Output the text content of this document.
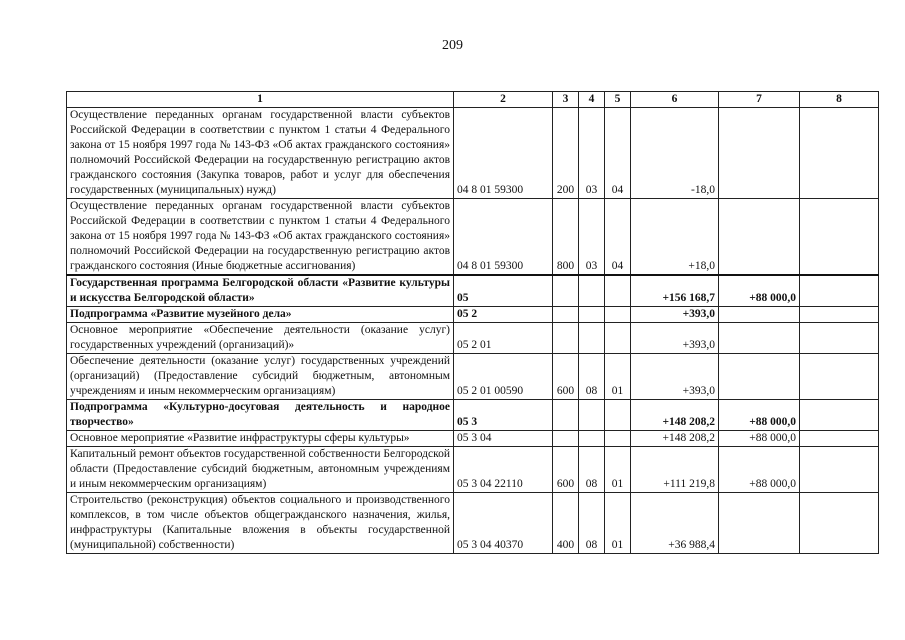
209
1	2	3	4	5	6	7	8
Осуществление переданных органам государственной власти субъектов Российской Федерации в соответствии с пунктом 1 статьи 4 Федерального закона от 15 ноября 1997 года № 143-ФЗ «Об актах гражданского состояния» полномочий Российской Федерации на государственную регистрацию актов гражданского состояния (Закупка товаров, работ и услуг для обеспечения государственных (муниципальных) нужд)	04 8 01 59300	200	03	04	-18,0		
Осуществление переданных органам государственной власти субъектов Российской Федерации в соответствии с пунктом 1 статьи 4 Федерального закона от 15 ноября 1997 года № 143-ФЗ «Об актах гражданского состояния» полномочий Российской Федерации на государственную регистрацию актов гражданского состояния (Иные бюджетные ассигнования)	04 8 01 59300	800	03	04	+18,0		
Государственная программа Белгородской области «Развитие культуры и искусства Белгородской области»	05				+156 168,7	+88 000,0	
Подпрограмма «Развитие музейного дела»	05 2				+393,0		
Основное мероприятие «Обеспечение деятельности (оказание услуг) государственных учреждений (организаций)»	05 2 01				+393,0		
Обеспечение деятельности (оказание услуг) государственных учреждений (организаций) (Предоставление субсидий бюджетным, автономным учреждениям и иным некоммерческим организациям)	05 2 01 00590	600	08	01	+393,0		
Подпрограмма «Культурно-досуговая деятельность и народное творчество»	05 3				+148 208,2	+88 000,0	
Основное мероприятие «Развитие инфраструктуры сферы культуры»	05 3 04				+148 208,2	+88 000,0	
Капитальный ремонт объектов государственной собственности Белгородской области (Предоставление субсидий бюджетным, автономным учреждениям и иным некоммерческим организациям)	05 3 04 22110	600	08	01	+111 219,8	+88 000,0	
Строительство (реконструкция) объектов социального и производственного комплексов, в том числе объектов общегражданского назначения, жилья, инфраструктуры (Капитальные вложения в объекты государственной (муниципальной) собственности)	05 3 04 40370	400	08	01	+36 988,4		
